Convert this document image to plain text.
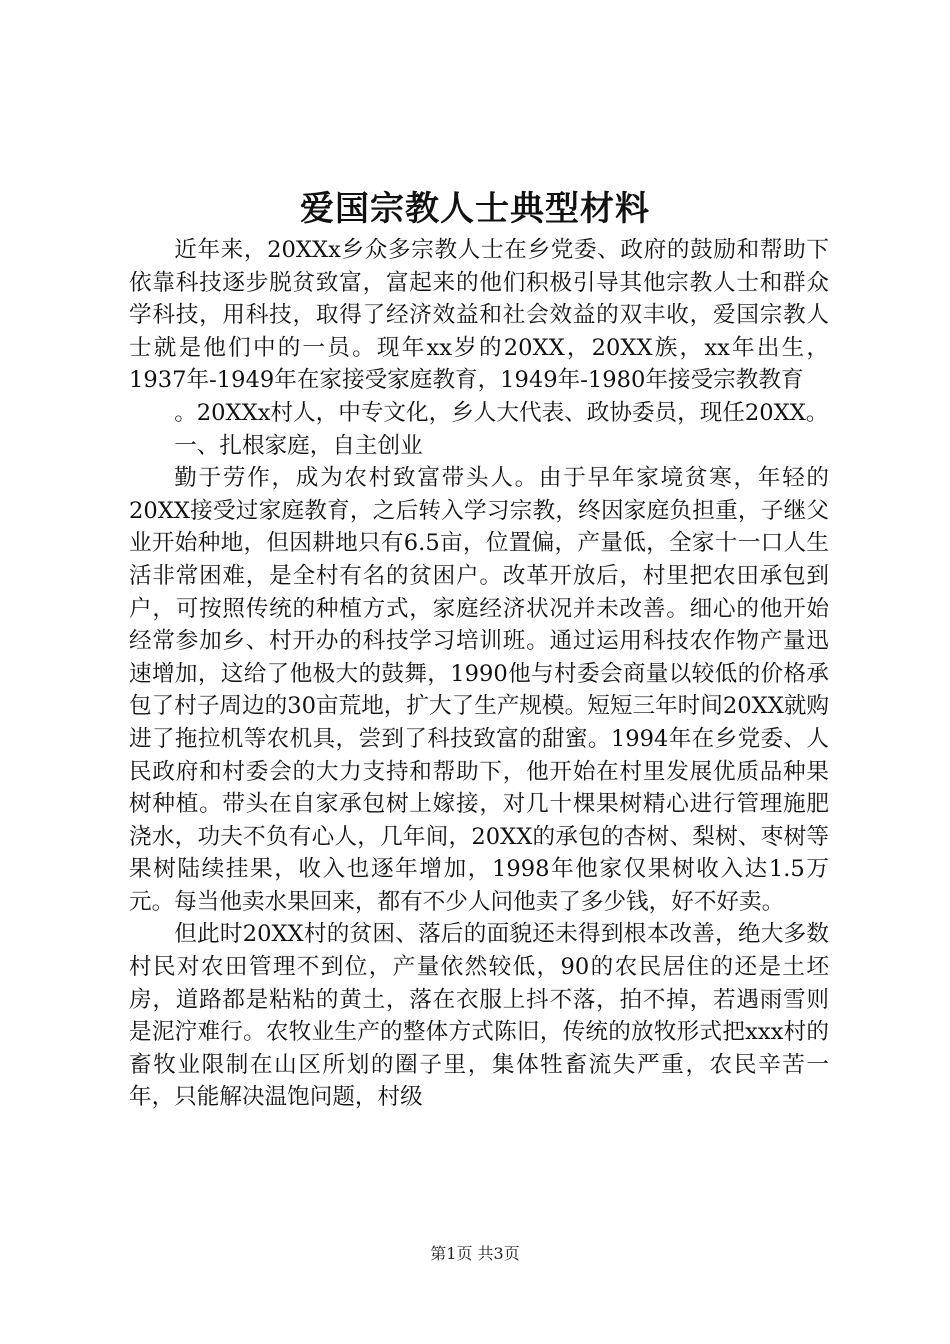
爱国宗教人士典型材料

近年来，20XXx乡众多宗教人士在乡党委、政府的鼓励和帮助下依靠科技逐步脱贫致富，富起来的他们积极引导其他宗教人士和群众学科技，用科技，取得了经济效益和社会效益的双丰收，爱国宗教人士就是他们中的一员。现年xx岁的20XX，20XX族，xx年出生，1937年-1949年在家接受家庭教育，1949年-1980年接受宗教教育

。20XXx村人，中专文化，乡人大代表、政协委员，现任20XX。

一、扎根家庭，自主创业

勤于劳作，成为农村致富带头人。由于早年家境贫寒，年轻的20XX接受过家庭教育，之后转入学习宗教，终因家庭负担重，子继父业开始种地，但因耕地只有6.5亩，位置偏，产量低，全家十一口人生活非常困难，是全村有名的贫困户。改革开放后，村里把农田承包到户，可按照传统的种植方式，家庭经济状况并未改善。细心的他开始经常参加乡、村开办的科技学习培训班。通过运用科技农作物产量迅速增加，这给了他极大的鼓舞，1990他与村委会商量以较低的价格承包了村子周边的30亩荒地，扩大了生产规模。短短三年时间20XX就购进了拖拉机等农机具，尝到了科技致富的甜蜜。1994年在乡党委、人民政府和村委会的大力支持和帮助下，他开始在村里发展优质品种果树种植。带头在自家承包树上嫁接，对几十棵果树精心进行管理施肥浇水，功夫不负有心人，几年间，20XX的承包的杏树、梨树、枣树等果树陆续挂果，收入也逐年增加，1998年他家仅果树收入达1.5万元。每当他卖水果回来，都有不少人问他卖了多少钱，好不好卖。

但此时20XX村的贫困、落后的面貌还未得到根本改善，绝大多数村民对农田管理不到位，产量依然较低，90的农民居住的还是土坯房，道路都是粘粘的黄土，落在衣服上抖不落，拍不掉，若遇雨雪则是泥泞难行。农牧业生产的整体方式陈旧，传统的放牧形式把xxx村的畜牧业限制在山区所划的圈子里，集体牲畜流失严重，农民辛苦一年，只能解决温饱问题，村级

第1页 共3页
